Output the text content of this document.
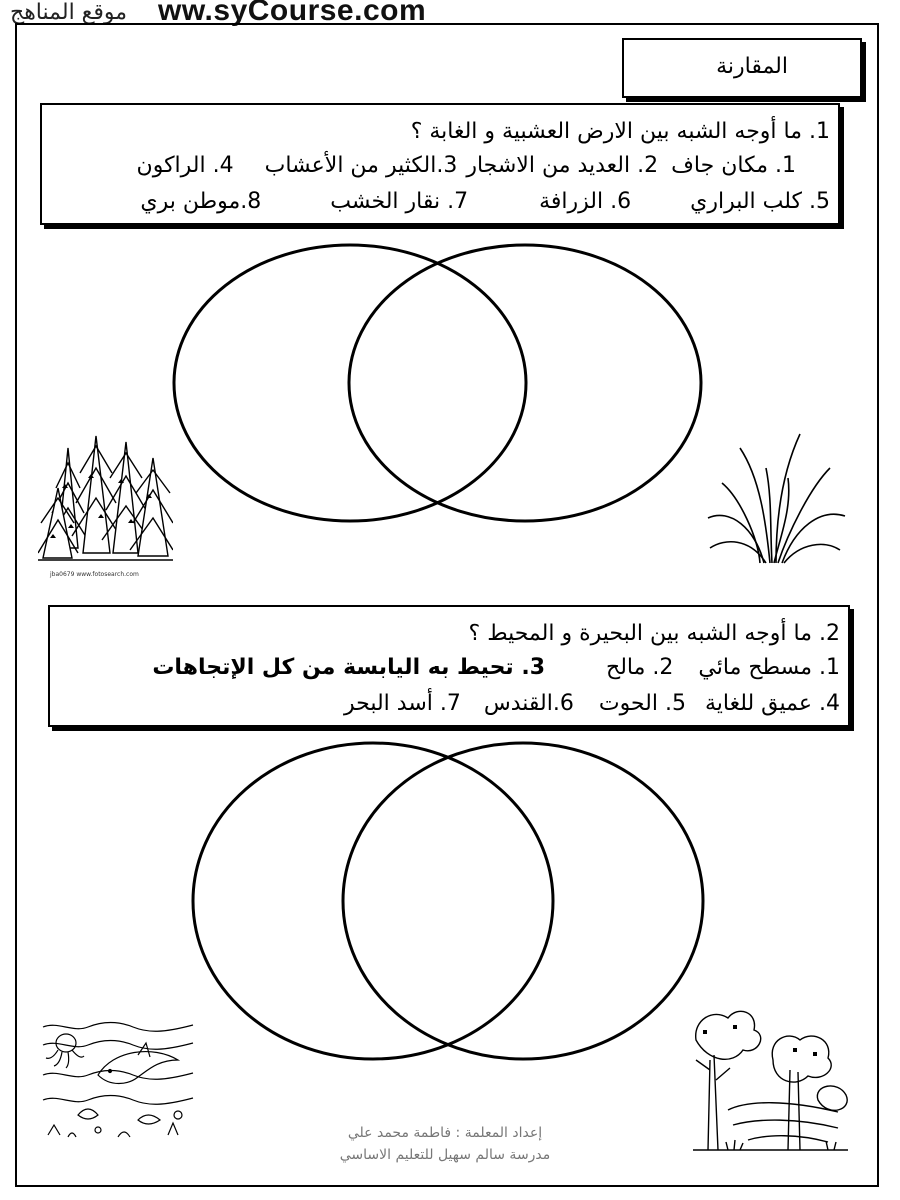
موقع المناهج ww.syCourse.com
المقارنة
1. ما أوجه الشبه بين الارض العشبية و الغابة ؟
1. مكان جاف 2. العديد من الاشجار 3.الكثير من الأعشاب 4. الراكون
5. كلب البراري 6. الزرافة 7. نقار الخشب 8.موطن بري
jba0679 www.fotosearch.com
2. ما أوجه الشبه بين البحيرة و المحيط ؟
1. مسطح مائي 2. مالح 3. تحيط به اليابسة من كل الإتجاهات
4. عميق للغاية 5. الحوت 6.القندس 7. أسد البحر
إعداد المعلمة : فاطمة محمد علي
مدرسة سالم سهيل للتعليم الاساسي
